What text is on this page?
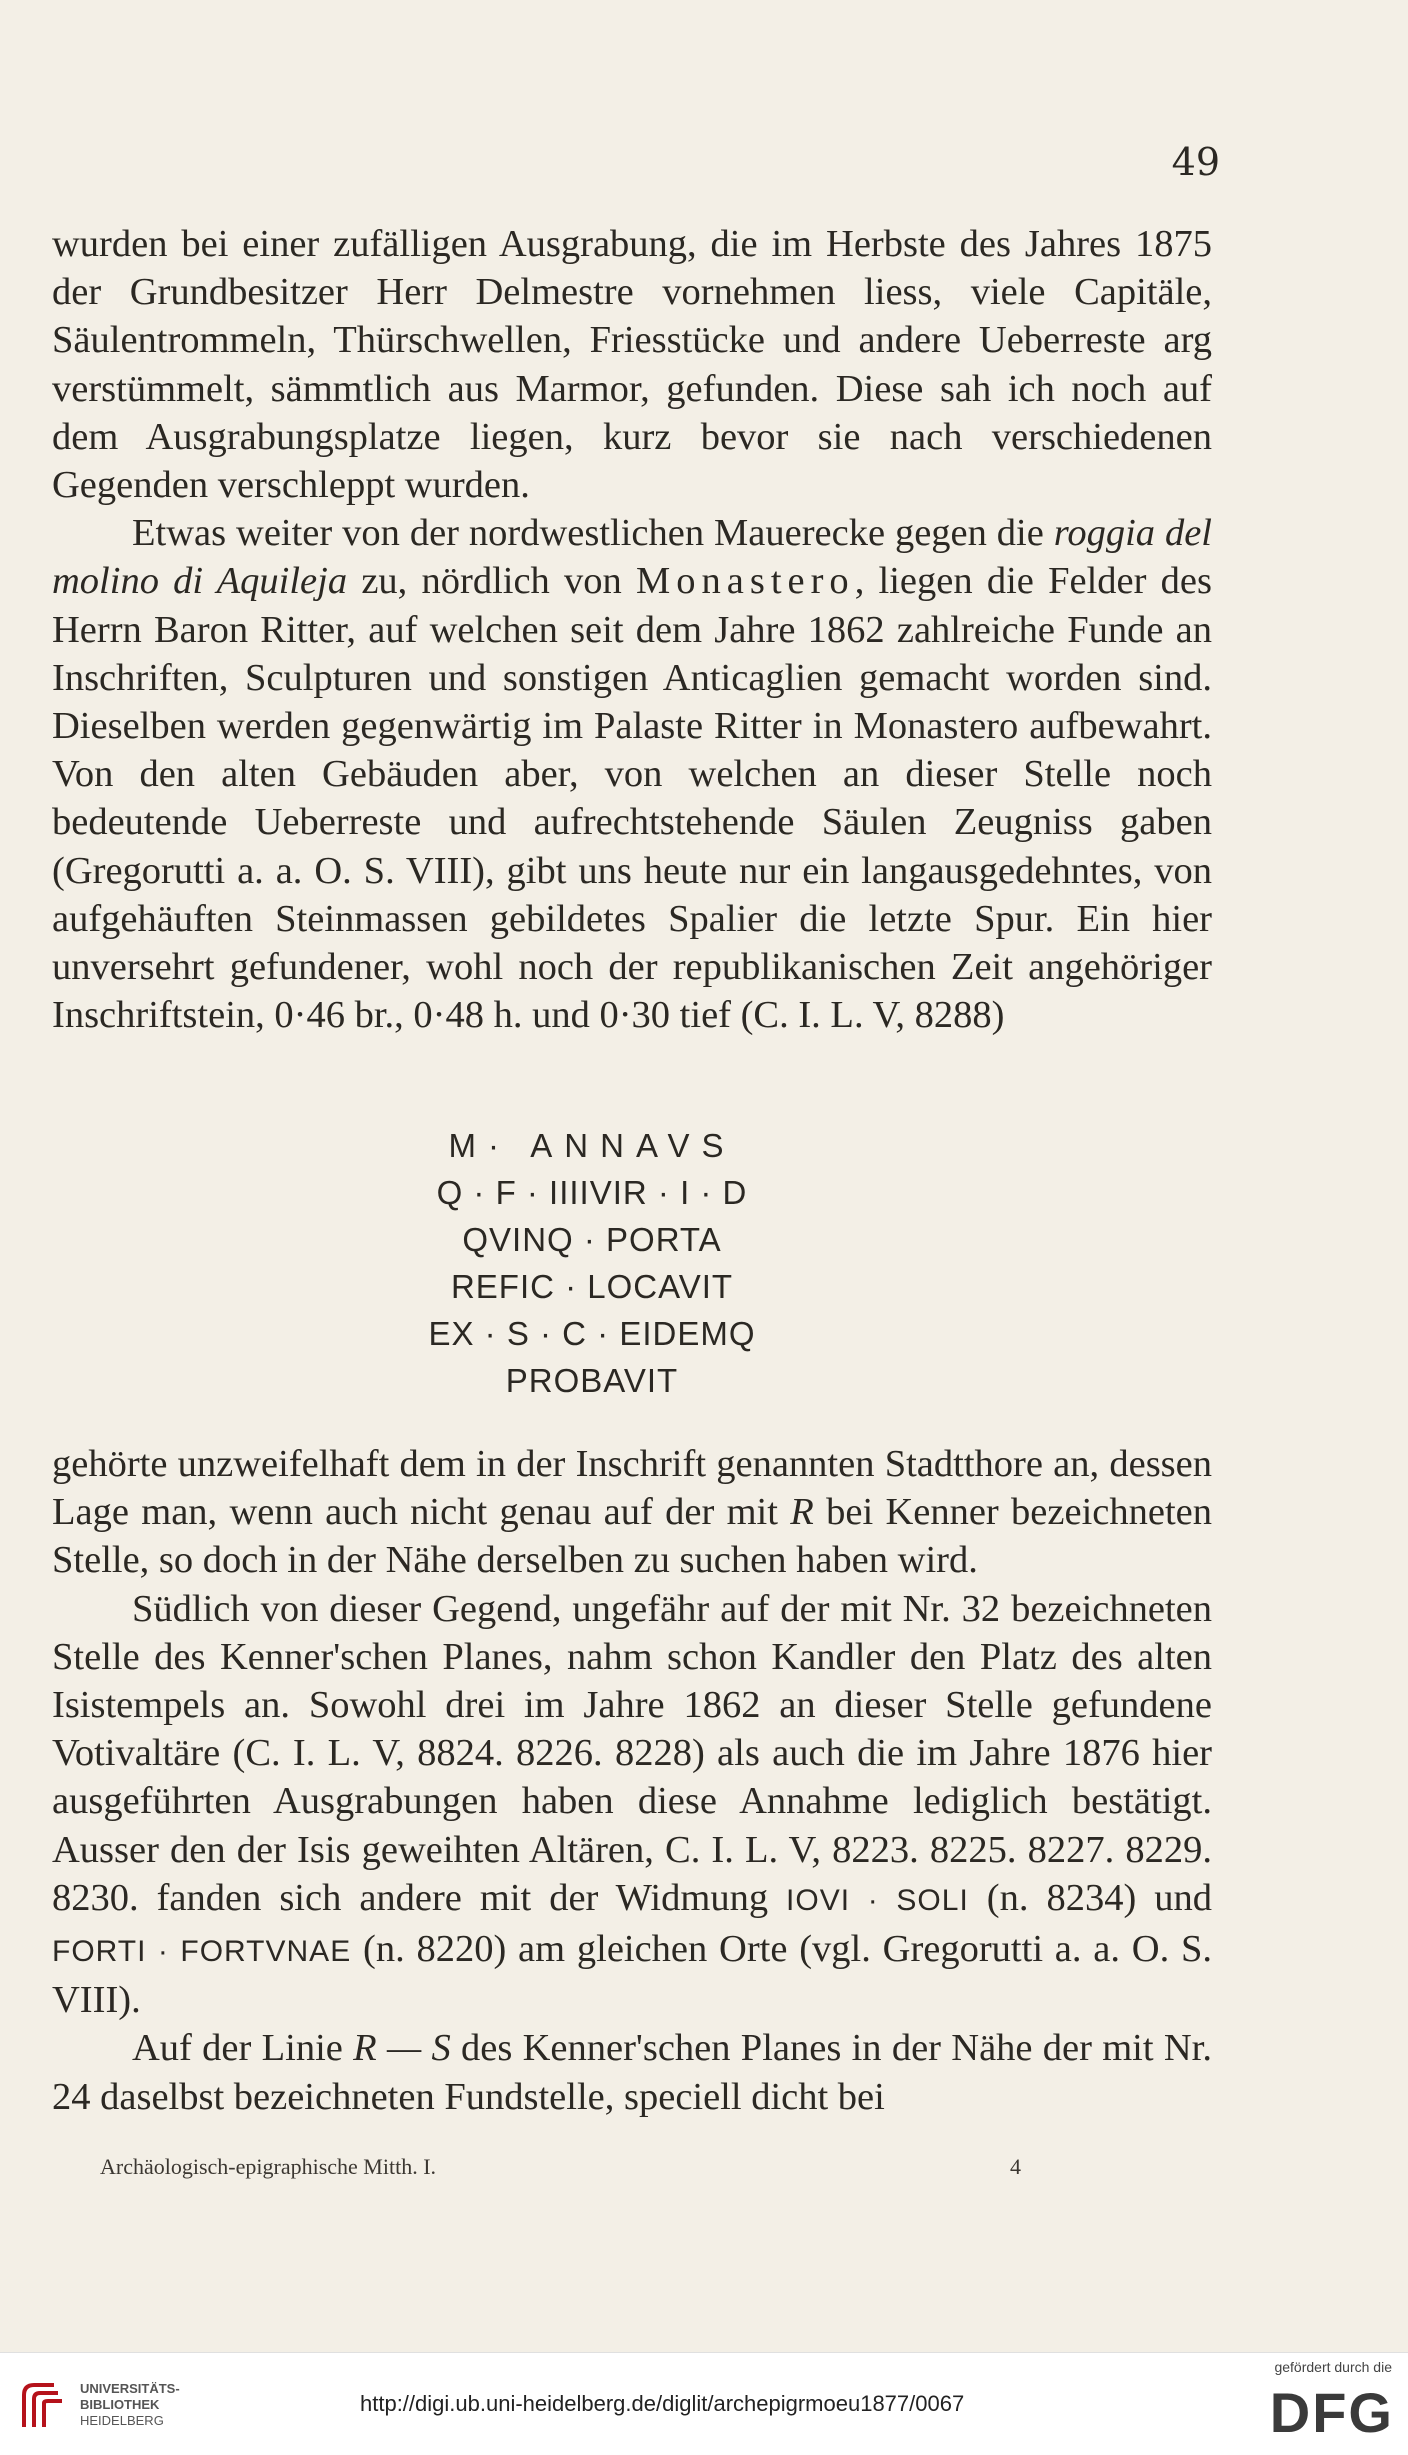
49

wurden bei einer zufälligen Ausgrabung, die im Herbste des Jahres 1875 der Grundbesitzer Herr Delmestre vornehmen liess, viele Capitäle, Säulentrommeln, Thürschwellen, Friesstücke und andere Ueberreste arg verstümmelt, sämmtlich aus Marmor, gefunden. Diese sah ich noch auf dem Ausgrabungsplatze liegen, kurz bevor sie nach verschiedenen Gegenden verschleppt wurden.

Etwas weiter von der nordwestlichen Mauerecke gegen die roggia del molino di Aquileja zu, nördlich von Monastero, liegen die Felder des Herrn Baron Ritter, auf welchen seit dem Jahre 1862 zahlreiche Funde an Inschriften, Sculpturen und sonstigen Anticaglien gemacht worden sind. Dieselben werden gegenwärtig im Palaste Ritter in Monastero aufbewahrt. Von den alten Gebäuden aber, von welchen an dieser Stelle noch bedeutende Ueberreste und aufrechtstehende Säulen Zeugniss gaben (Gregorutti a. a. O. S. VIII), gibt uns heute nur ein langausgedehntes, von aufgehäuften Steinmassen gebildetes Spalier die letzte Spur. Ein hier unversehrt gefundener, wohl noch der republikanischen Zeit angehöriger Inschriftstein, 0·46 br., 0·48 h. und 0·30 tief (C. I. L. V, 8288)

M· ANNAVS
Q · F · IIIIVIR · I · D
QVINQ · PORTA
REFIC · LOCAVIT
EX · S · C · EIDEMQ
PROBAVIT

gehörte unzweifelhaft dem in der Inschrift genannten Stadtthore an, dessen Lage man, wenn auch nicht genau auf der mit R bei Kenner bezeichneten Stelle, so doch in der Nähe derselben zu suchen haben wird.

Südlich von dieser Gegend, ungefähr auf der mit Nr. 32 bezeichneten Stelle des Kenner'schen Planes, nahm schon Kandler den Platz des alten Isistempels an. Sowohl drei im Jahre 1862 an dieser Stelle gefundene Votivaltäre (C. I. L. V, 8824. 8226. 8228) als auch die im Jahre 1876 hier ausgeführten Ausgrabungen haben diese Annahme lediglich bestätigt. Ausser den der Isis geweihten Altären, C. I. L. V, 8223. 8225. 8227. 8229. 8230. fanden sich andere mit der Widmung IOVI · SOLI (n. 8234) und FORTI · FORTVNAE (n. 8220) am gleichen Orte (vgl. Gregorutti a. a. O. S. VIII).

Auf der Linie R — S des Kenner'schen Planes in der Nähe der mit Nr. 24 daselbst bezeichneten Fundstelle, speciell dicht bei

Archäologisch-epigraphische Mitth. I.	4
UNIVERSITÄTS-
BIBLIOTHEK
HEIDELBERG
http://digi.ub.uni-heidelberg.de/diglit/archepigrmoeu1877/0067
gefördert durch die
DFG
